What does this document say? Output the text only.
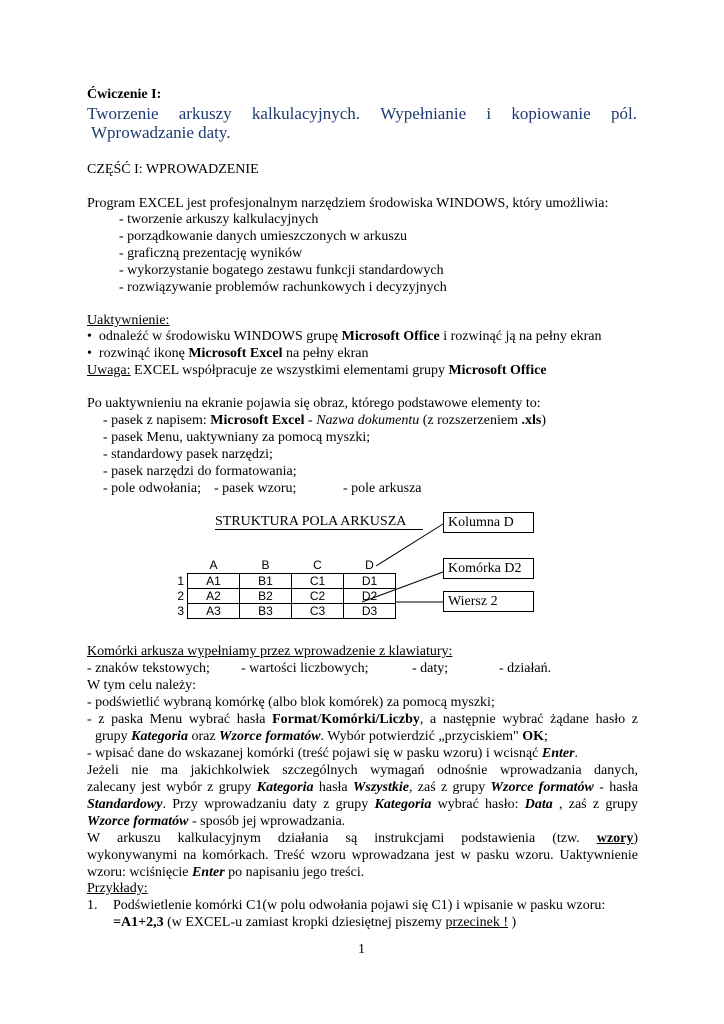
Ćwiczenie I:
Tworzenie arkuszy kalkulacyjnych. Wypełnianie i kopiowanie pól.
Wprowadzanie daty.
CZĘŚĆ I: WPROWADZENIE
Program EXCEL jest profesjonalnym narzędziem środowiska WINDOWS, który umożliwia:
- tworzenie arkuszy kalkulacyjnych
- porządkowanie danych umieszczonych w arkuszu
- graficzną prezentację wyników
- wykorzystanie bogatego zestawu funkcji standardowych
- rozwiązywanie problemów rachunkowych i decyzyjnych
Uaktywnienie:
• odnaleźć w środowisku WINDOWS grupę Microsoft Office i rozwinąć ją na pełny ekran
• rozwinąć ikonę Microsoft Excel na pełny ekran
Uwaga: EXCEL współpracuje ze wszystkimi elementami grupy Microsoft Office
Po uaktywnieniu na ekranie pojawia się obraz, którego podstawowe elementy to:
- pasek z napisem: Microsoft Excel - Nazwa dokumentu (z rozszerzeniem .xls)
- pasek Menu, uaktywniany za pomocą myszki;
- standardowy pasek narzędzi;
- pasek narzędzi do formatowania;
- pole odwołania; - pasek wzoru;	- pole arkusza
STRUKTURA POLA ARKUSZA	Kolumna D
Komórka D2
Wiersz 2
	A	B	C	D
1	A1	B1	C1	D1
2	A2	B2	C2	D2
3	A3	B3	C3	D3
Komórki arkusza wypełniamy przez wprowadzenie z klawiatury:
- znaków tekstowych; - wartości liczbowych;	- daty;	- działań.
W tym celu należy:
- podświetlić wybraną komórkę (albo blok komórek) za pomocą myszki;
- z paska Menu wybrać hasła Format/Komórki/Liczby, a następnie wybrać żądane hasło z
grupy Kategoria oraz Wzorce formatów. Wybór potwierdzić „przyciskiem" OK;
- wpisać dane do wskazanej komórki (treść pojawi się w pasku wzoru) i wcisnąć Enter.
Jeżeli nie ma jakichkolwiek szczególnych wymagań odnośnie wprowadzania danych,
zalecany jest wybór z grupy Kategoria hasła Wszystkie, zaś z grupy Wzorce formatów - hasła
Standardowy. Przy wprowadzaniu daty z grupy Kategoria wybrać hasło: Data , zaś z grupy
Wzorce formatów - sposób jej wprowadzania.
W arkuszu kalkulacyjnym działania są instrukcjami podstawienia (tzw. wzory)
wykonywanymi na komórkach. Treść wzoru wprowadzana jest w pasku wzoru. Uaktywnienie
wzoru: wciśnięcie Enter po napisaniu jego treści.
Przykłady:
1. Podświetlenie komórki C1(w polu odwołania pojawi się C1) i wpisanie w pasku wzoru:
=A1+2,3 (w EXCEL-u zamiast kropki dziesiętnej piszemy przecinek ! )
1
